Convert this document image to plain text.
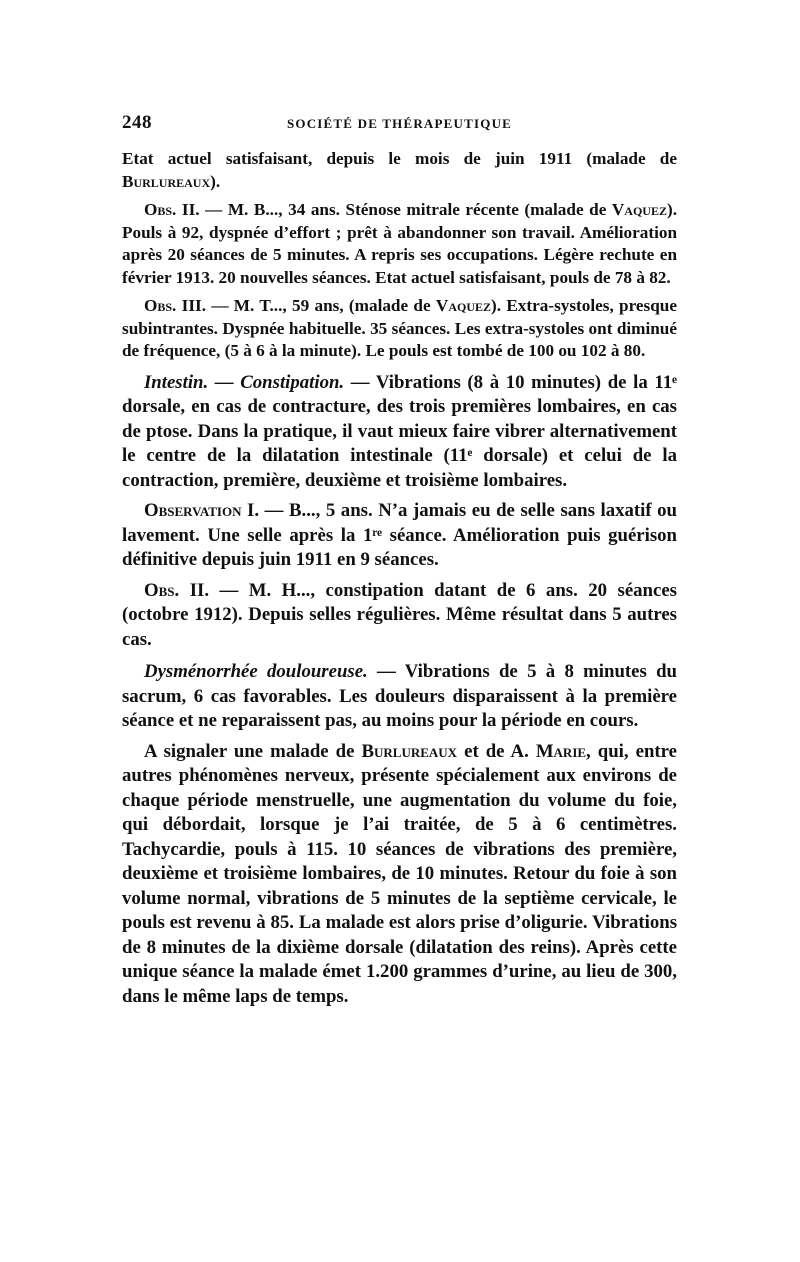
248	SOCIÉTÉ DE THÉRAPEUTIQUE

Etat actuel satisfaisant, depuis le mois de juin 1911 (malade de Burlureaux).

Obs. II. — M. B..., 34 ans. Sténose mitrale récente (malade de Vaquez). Pouls à 92, dyspnée d’effort ; prêt à abandonner son travail. Amélioration après 20 séances de 5 minutes. A repris ses occupations. Légère rechute en février 1913. 20 nouvelles séances. Etat actuel satisfaisant, pouls de 78 à 82.

Obs. III. — M. T..., 59 ans, (malade de Vaquez). Extra-systoles, presque subintrantes. Dyspnée habituelle. 35 séances. Les extra-systoles ont diminué de fréquence, (5 à 6 à la minute). Le pouls est tombé de 100 ou 102 à 80.

Intestin. — Constipation. — Vibrations (8 à 10 minutes) de la 11ᵉ dorsale, en cas de contracture, des trois premières lombaires, en cas de ptose. Dans la pratique, il vaut mieux faire vibrer alternativement le centre de la dilatation intestinale (11ᵉ dorsale) et celui de la contraction, première, deuxième et troisième lombaires.

Observation I. — B..., 5 ans. N’a jamais eu de selle sans laxatif ou lavement. Une selle après la 1ʳᵉ séance. Amélioration puis guérison définitive depuis juin 1911 en 9 séances.

Obs. II. — M. H..., constipation datant de 6 ans. 20 séances (octobre 1912). Depuis selles régulières. Même résultat dans 5 autres cas.

Dysménorrhée douloureuse. — Vibrations de 5 à 8 minutes du sacrum, 6 cas favorables. Les douleurs disparaissent à la première séance et ne reparaissent pas, au moins pour la période en cours.

A signaler une malade de Burlureaux et de A. Marie, qui, entre autres phénomènes nerveux, présente spécialement aux environs de chaque période menstruelle, une augmentation du volume du foie, qui débordait, lorsque je l’ai traitée, de 5 à 6 centimètres. Tachycardie, pouls à 115. 10 séances de vibrations des première, deuxième et troisième lombaires, de 10 minutes. Retour du foie à son volume normal, vibrations de 5 minutes de la septième cervicale, le pouls est revenu à 85. La malade est alors prise d’oligurie. Vibrations de 8 minutes de la dixième dorsale (dilatation des reins). Après cette unique séance la malade émet 1.200 grammes d’urine, au lieu de 300, dans le même laps de temps.
